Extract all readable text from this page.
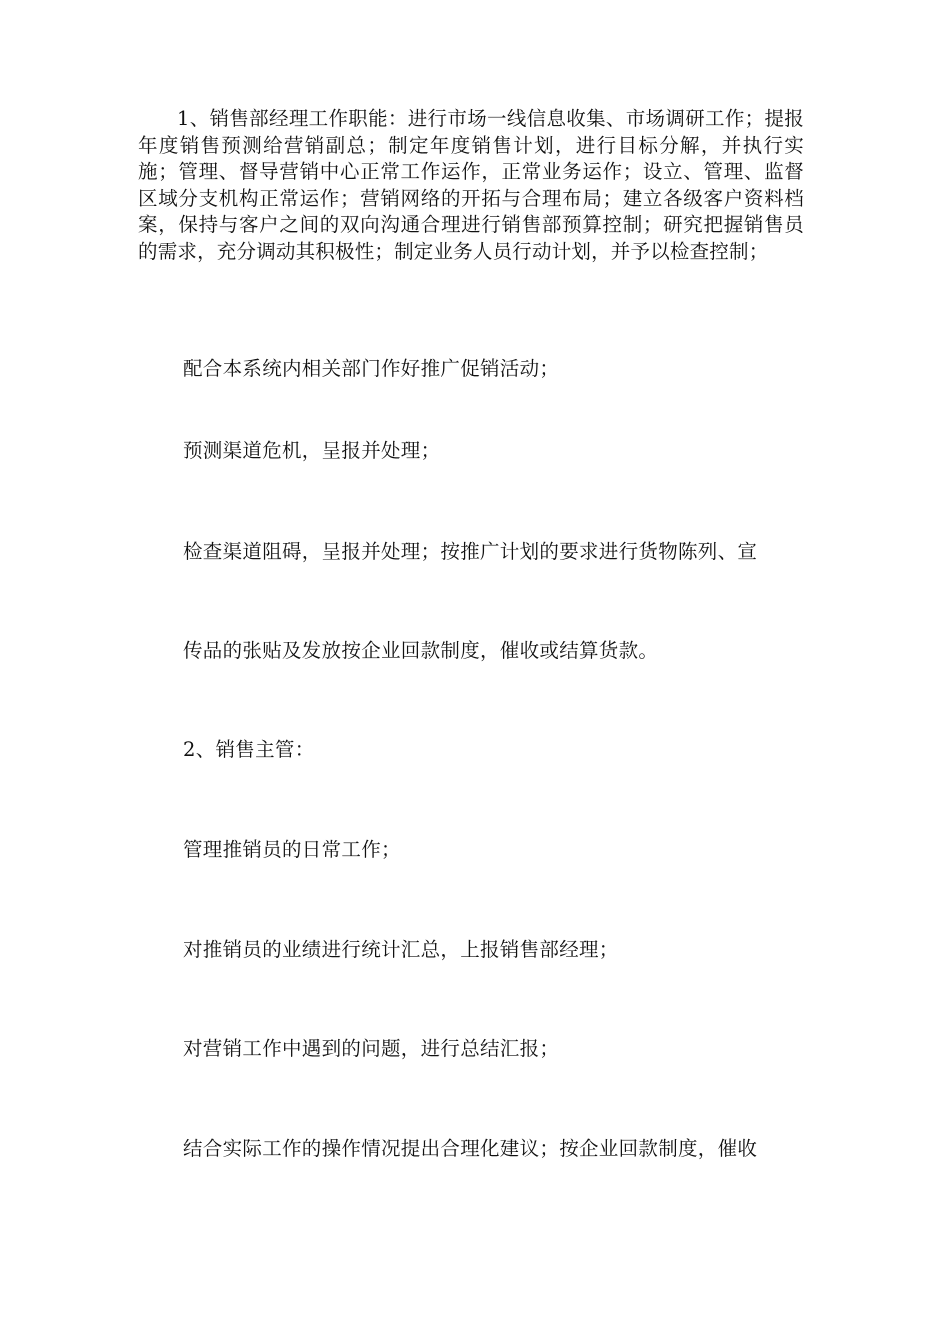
1、销售部经理工作职能：进行市场一线信息收集、市场调研工作；提报年度销售预测给营销副总；制定年度销售计划，进行目标分解，并执行实施；管理、督导营销中心正常工作运作，正常业务运作；设立、管理、监督区域分支机构正常运作；营销网络的开拓与合理布局；建立各级客户资料档案，保持与客户之间的双向沟通合理进行销售部预算控制；研究把握销售员的需求，充分调动其积极性；制定业务人员行动计划，并予以检查控制；

配合本系统内相关部门作好推广促销活动；

预测渠道危机，呈报并处理；

检查渠道阻碍，呈报并处理；按推广计划的要求进行货物陈列、宣

传品的张贴及发放按企业回款制度，催收或结算货款。

2、销售主管：

管理推销员的日常工作；

对推销员的业绩进行统计汇总，上报销售部经理；

对营销工作中遇到的问题，进行总结汇报；

结合实际工作的操作情况提出合理化建议；按企业回款制度，催收
